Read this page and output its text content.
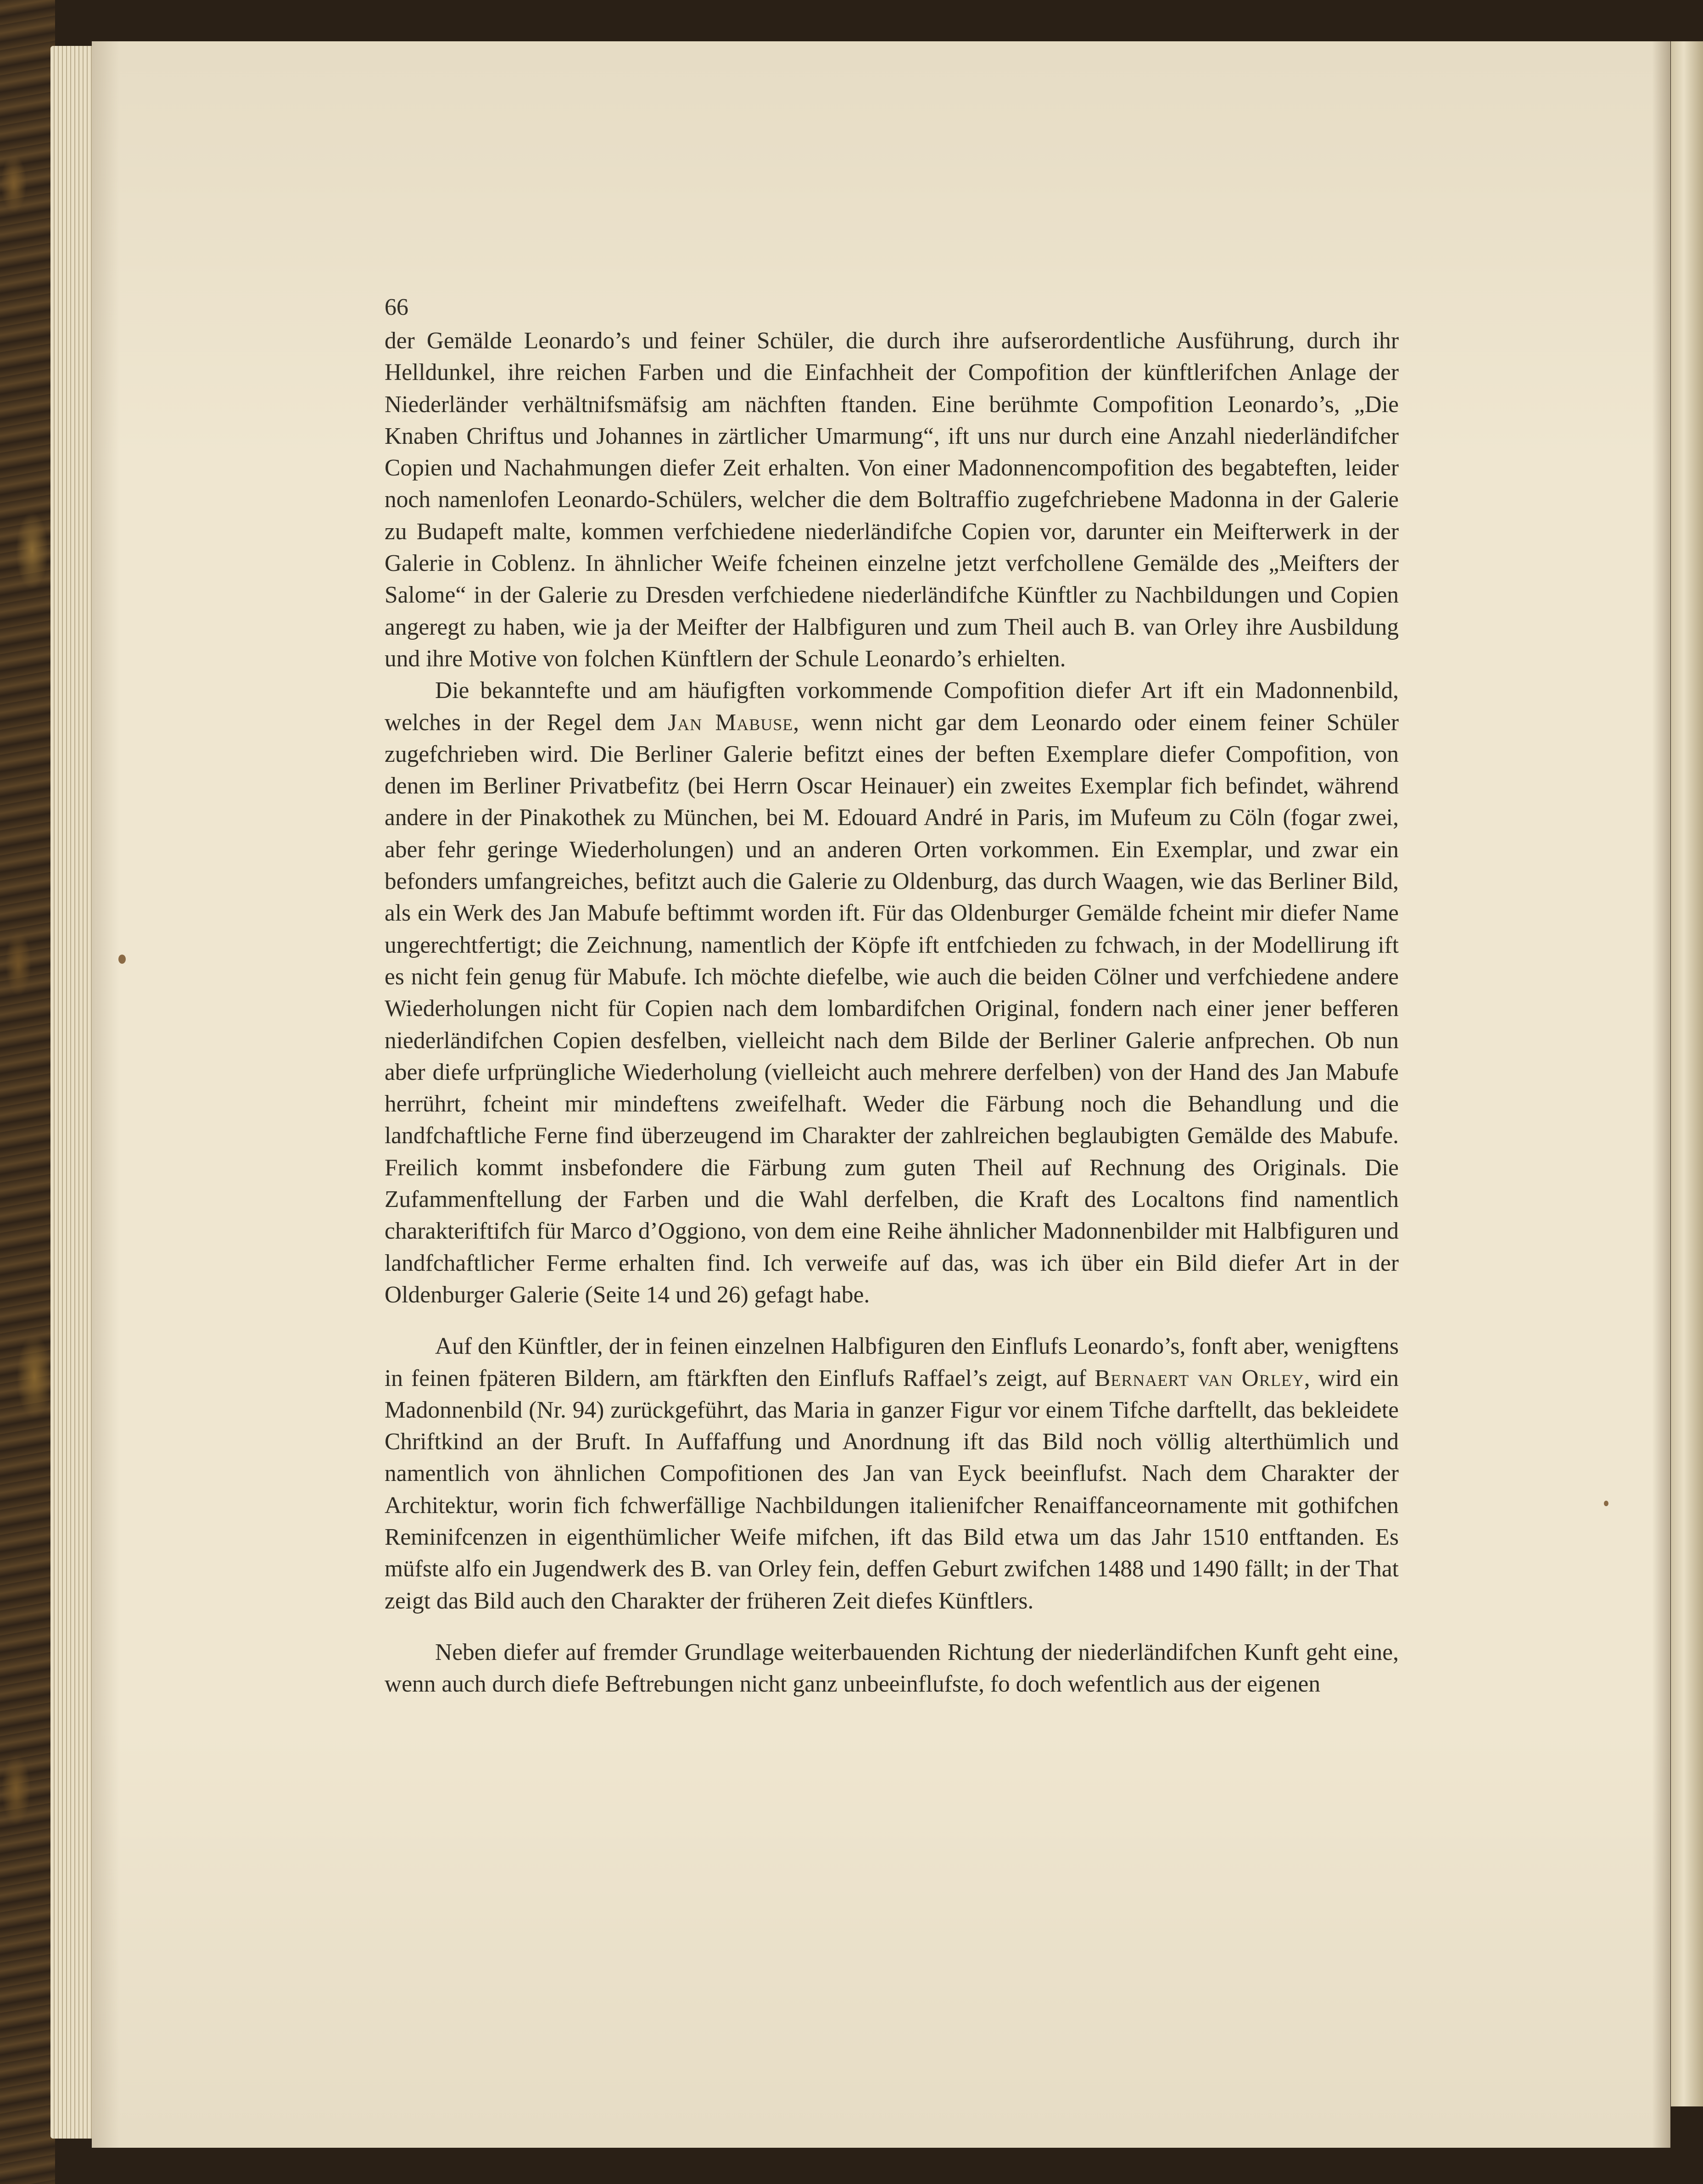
66

der Gemälde Leonardo’s und feiner Schüler, die durch ihre aufserordentliche Ausführung, durch ihr Helldunkel, ihre reichen Farben und die Einfachheit der Compofition der künftlerifchen Anlage der Niederländer verhältnifsmäfsig am nächften ftanden. Eine berühmte Compofition Leonardo’s, „Die Knaben Chriftus und Johannes in zärtlicher Umarmung“, ift uns nur durch eine Anzahl niederländifcher Copien und Nachahmungen diefer Zeit erhalten. Von einer Madonnencompofition des begabteften, leider noch namenlofen Leonardo-Schülers, welcher die dem Boltraffio zugefchriebene Madonna in der Galerie zu Budapeft malte, kommen verfchiedene niederländifche Copien vor, darunter ein Meifterwerk in der Galerie in Coblenz. In ähnlicher Weife fcheinen einzelne jetzt verfchollene Gemälde des „Meifters der Salome“ in der Galerie zu Dresden verfchiedene niederländifche Künftler zu Nachbildungen und Copien angeregt zu haben, wie ja der Meifter der Halbfiguren und zum Theil auch B. van Orley ihre Ausbildung und ihre Motive von folchen Künftlern der Schule Leonardo’s erhielten.

Die bekanntefte und am häufigften vorkommende Compofition diefer Art ift ein Madonnenbild, welches in der Regel dem Jan Mabuse, wenn nicht gar dem Leonardo oder einem feiner Schüler zugefchrieben wird. Die Berliner Galerie befitzt eines der beften Exemplare diefer Compofition, von denen im Berliner Privatbefitz (bei Herrn Oscar Heinauer) ein zweites Exemplar fich befindet, während andere in der Pinakothek zu München, bei M. Edouard André in Paris, im Mufeum zu Cöln (fogar zwei, aber fehr geringe Wiederholungen) und an anderen Orten vorkommen. Ein Exemplar, und zwar ein befonders umfangreiches, befitzt auch die Galerie zu Oldenburg, das durch Waagen, wie das Berliner Bild, als ein Werk des Jan Mabufe beftimmt worden ift. Für das Oldenburger Gemälde fcheint mir diefer Name ungerechtfertigt; die Zeichnung, namentlich der Köpfe ift entfchieden zu fchwach, in der Modellirung ift es nicht fein genug für Mabufe. Ich möchte diefelbe, wie auch die beiden Cölner und verfchiedene andere Wiederholungen nicht für Copien nach dem lombardifchen Original, fondern nach einer jener befferen niederländifchen Copien desfelben, vielleicht nach dem Bilde der Berliner Galerie anfprechen. Ob nun aber diefe urfprüngliche Wiederholung (vielleicht auch mehrere derfelben) von der Hand des Jan Mabufe herrührt, fcheint mir mindeftens zweifelhaft. Weder die Färbung noch die Behandlung und die landfchaftliche Ferne find überzeugend im Charakter der zahlreichen beglaubigten Gemälde des Mabufe. Freilich kommt insbefondere die Färbung zum guten Theil auf Rechnung des Originals. Die Zufammenftellung der Farben und die Wahl derfelben, die Kraft des Localtons find namentlich charakteriftifch für Marco d’Oggiono, von dem eine Reihe ähnlicher Madonnenbilder mit Halbfiguren und landfchaftlicher Ferme erhalten find. Ich verweife auf das, was ich über ein Bild diefer Art in der Oldenburger Galerie (Seite 14 und 26) gefagt habe.

Auf den Künftler, der in feinen einzelnen Halbfiguren den Einflufs Leonardo’s, fonft aber, wenigftens in feinen fpäteren Bildern, am ftärkften den Einflufs Raffael’s zeigt, auf Bernaert van Orley, wird ein Madonnenbild (Nr. 94) zurückgeführt, das Maria in ganzer Figur vor einem Tifche darftellt, das bekleidete Chriftkind an der Bruft. In Auffaffung und Anordnung ift das Bild noch völlig alterthümlich und namentlich von ähnlichen Compofitionen des Jan van Eyck beeinflufst. Nach dem Charakter der Architektur, worin fich fchwerfällige Nachbildungen italienifcher Renaiffanceornamente mit gothifchen Reminifcenzen in eigenthümlicher Weife mifchen, ift das Bild etwa um das Jahr 1510 entftanden. Es müfste alfo ein Jugendwerk des B. van Orley fein, deffen Geburt zwifchen 1488 und 1490 fällt; in der That zeigt das Bild auch den Charakter der früheren Zeit diefes Künftlers.

Neben diefer auf fremder Grundlage weiterbauenden Richtung der niederländifchen Kunft geht eine, wenn auch durch diefe Beftrebungen nicht ganz unbeeinflufste, fo doch wefentlich aus der eigenen
